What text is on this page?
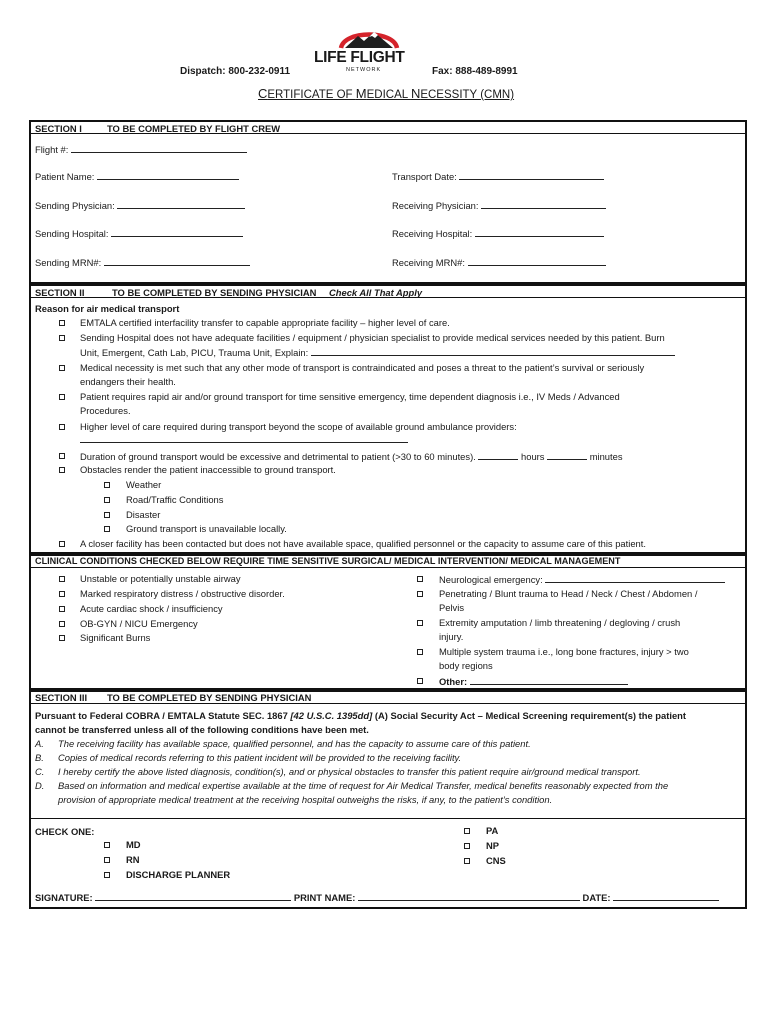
LIFE FLIGHT
NETWORK
Dispatch: 800-232-0911	Fax: 888-489-8991
CERTIFICATE OF MEDICAL NECESSITY (CMN)
SECTION I	TO BE COMPLETED BY FLIGHT CREW
Flight #:
Patient Name:	Transport Date:
Sending Physician:	Receiving Physician:
Sending Hospital:	Receiving Hospital:
Sending MRN#:	Receiving MRN#:
SECTION II	TO BE COMPLETED BY SENDING PHYSICIAN Check All That Apply
Reason for air medical transport
EMTALA certified interfacility transfer to capable appropriate facility – higher level of care.
Sending Hospital does not have adequate facilities / equipment / physician specialist to provide medical services needed by this patient. Burn
Unit, Emergent, Cath Lab, PICU, Trauma Unit, Explain:
Medical necessity is met such that any other mode of transport is contraindicated and poses a threat to the patient’s survival or seriously
endangers their health.
Patient requires rapid air and/or ground transport for time sensitive emergency, time dependent diagnosis i.e., IV Meds / Advanced
Procedures.
Higher level of care required during transport beyond the scope of available ground ambulance providers:
Duration of ground transport would be excessive and detrimental to patient (>30 to 60 minutes).	hours	minutes
Obstacles render the patient inaccessible to ground transport.
Weather
Road/Traffic Conditions
Disaster
Ground transport is unavailable locally.
A closer facility has been contacted but does not have available space, qualified personnel or the capacity to assume care of this patient.
CLINICAL CONDITIONS CHECKED BELOW REQUIRE TIME SENSITIVE SURGICAL/ MEDICAL INTERVENTION/ MEDICAL MANAGEMENT
Unstable or potentially unstable airway
Marked respiratory distress / obstructive disorder.
Acute cardiac shock / insufficiency
OB-GYN / NICU Emergency
Significant Burns
Neurological emergency:
Penetrating / Blunt trauma to Head / Neck / Chest / Abdomen /
Pelvis
Extremity amputation / limb threatening / degloving / crush
injury.
Multiple system trauma i.e., long bone fractures, injury > two
body regions
Other:
SECTION III TO BE COMPLETED BY SENDING PHYSICIAN
Pursuant to Federal COBRA / EMTALA Statute SEC. 1867 [42 U.S.C. 1395dd] (A) Social Security Act – Medical Screening requirement(s) the patient
cannot be transferred unless all of the following conditions have been met.
A. The receiving facility has available space, qualified personnel, and has the capacity to assume care of this patient.
B. Copies of medical records referring to this patient incident will be provided to the receiving facility.
C. I hereby certify the above listed diagnosis, condition(s), and or physical obstacles to transfer this patient require air/ground medical transport.
D. Based on information and medical expertise available at the time of request for Air Medical Transfer, medical benefits reasonably expected from the
provision of appropriate medical treatment at the receiving hospital outweighs the risks, if any, to the patient’s condition.
CHECK ONE:
MD
RN
DISCHARGE PLANNER
PA
NP
CNS
SIGNATURE:	PRINT NAME:	DATE:
